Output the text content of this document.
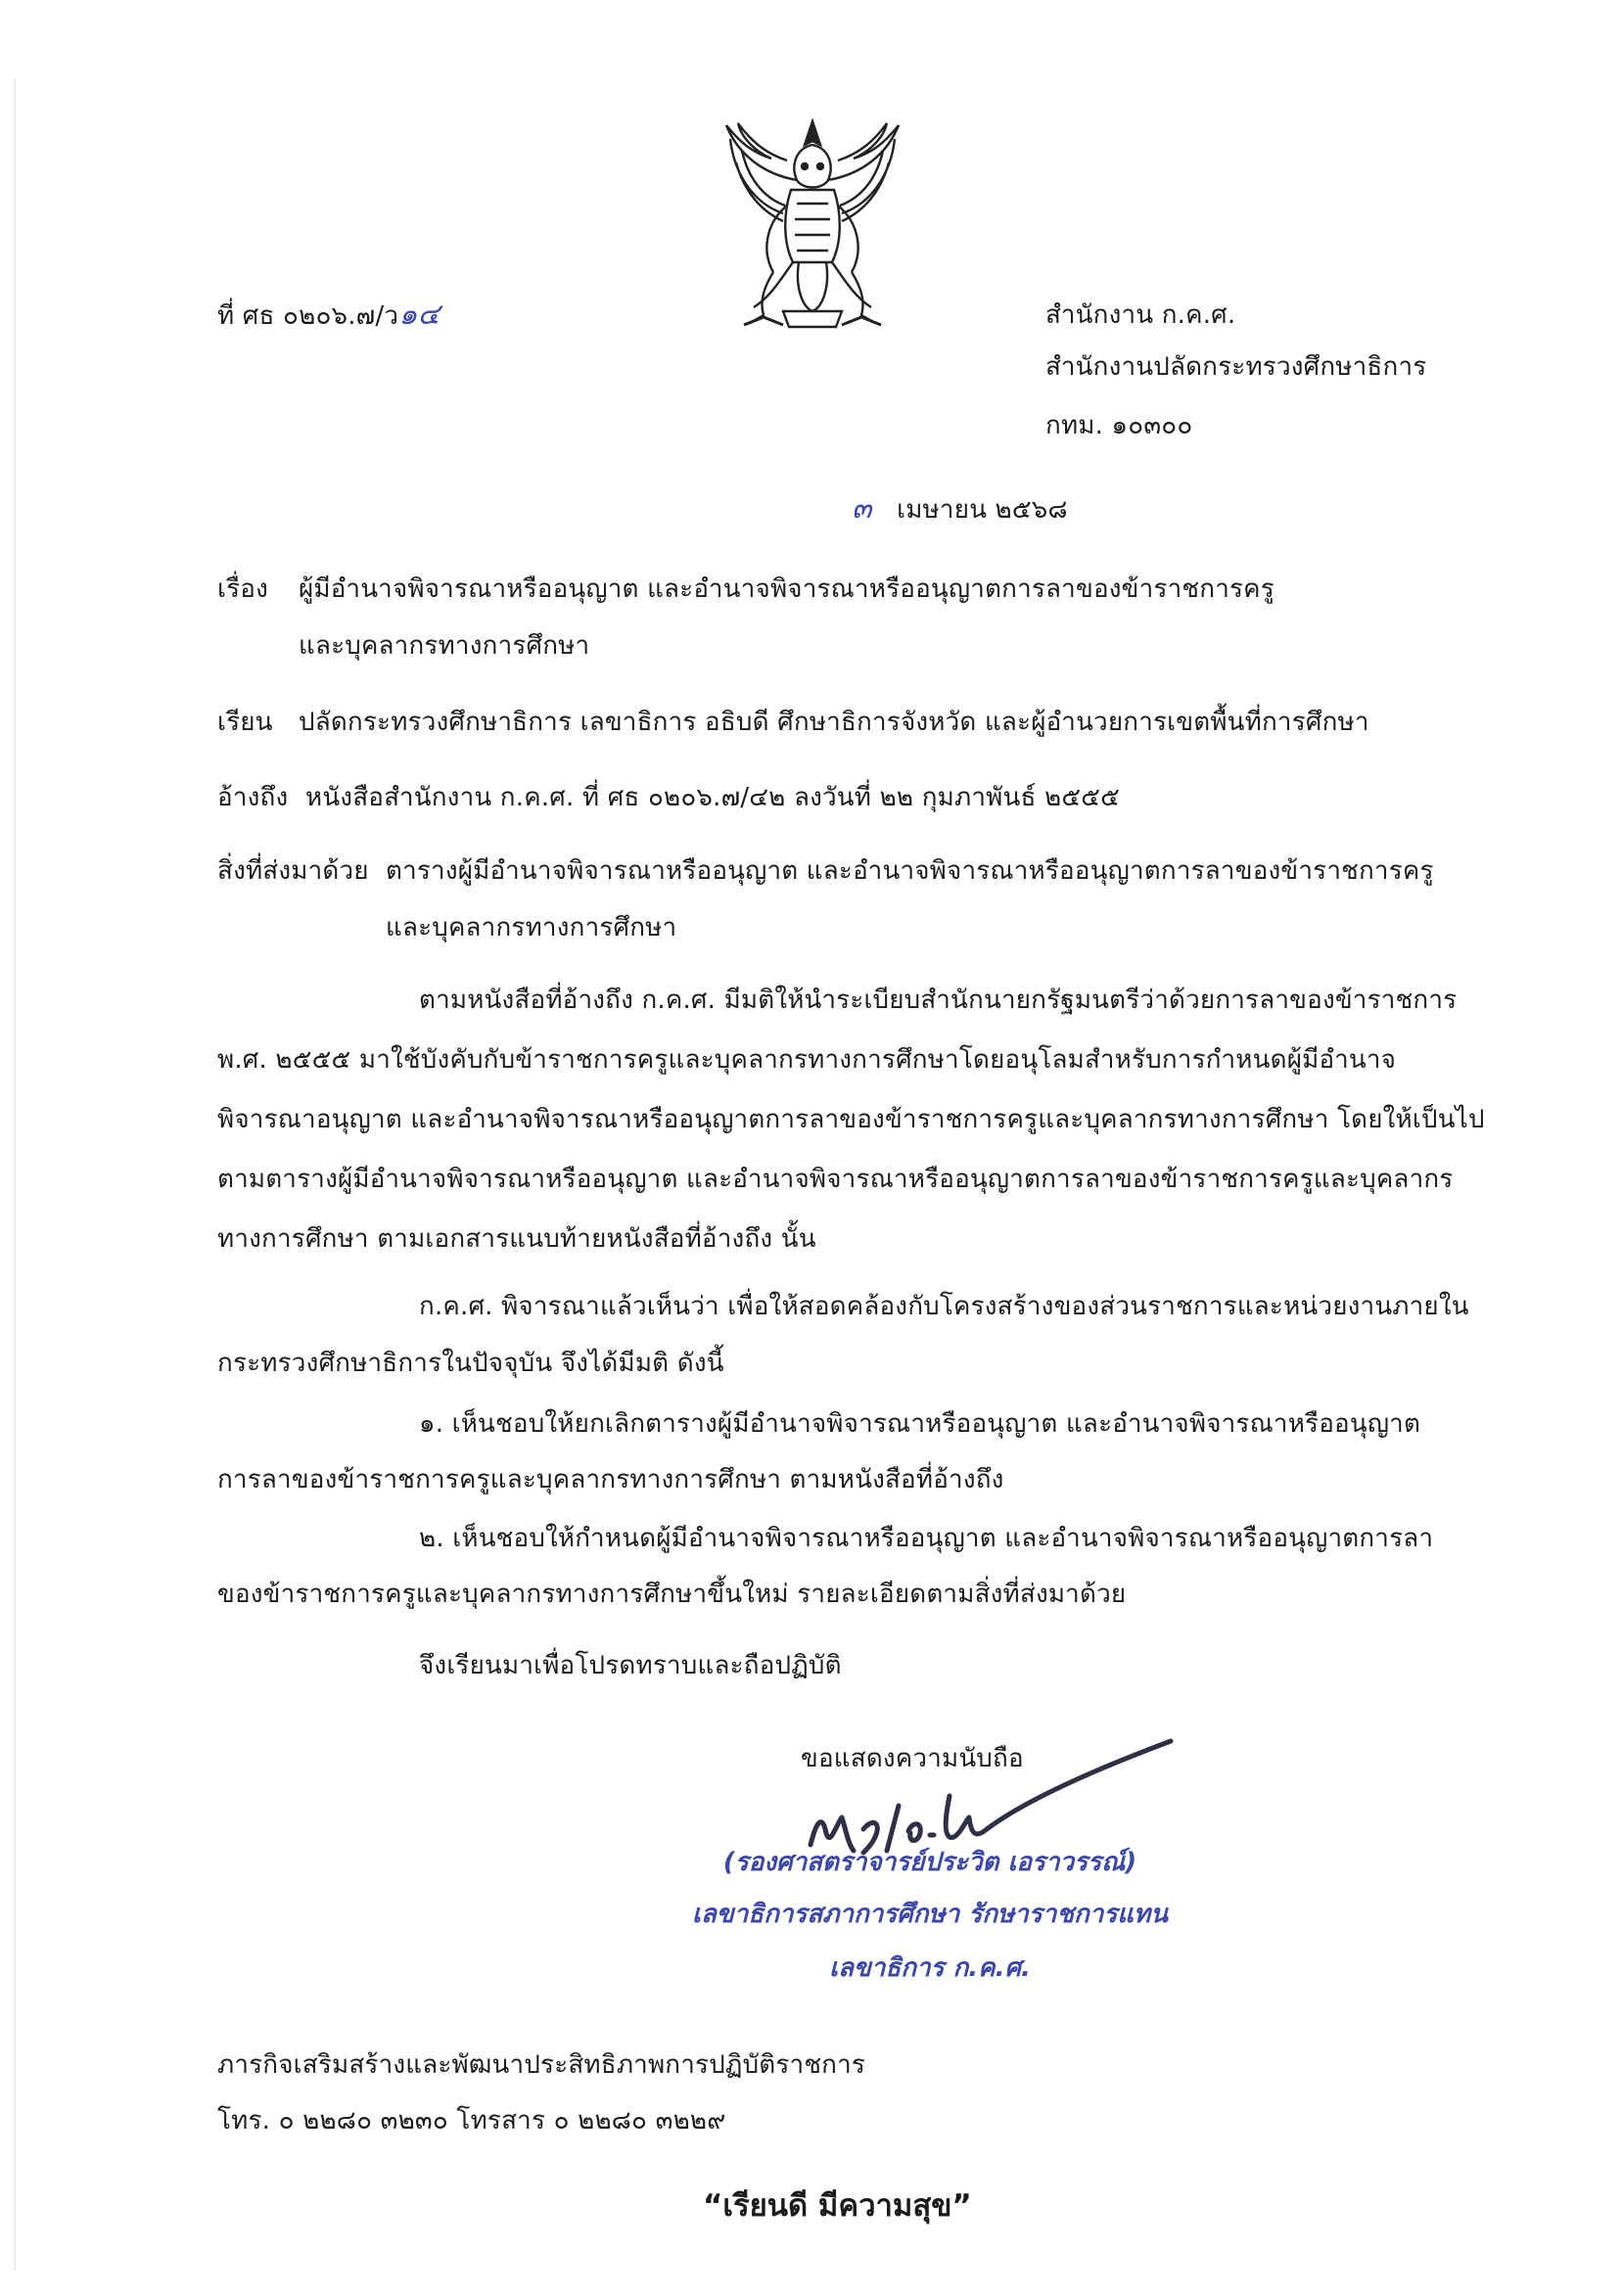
ที่ ศธ ๐๒๐๖.๗/ว๑๔	สำนักงาน ก.ค.ศ.
สำนักงานปลัดกระทรวงศึกษาธิการ
กทม. ๑๐๓๐๐
๓ เมษายน ๒๕๖๘
เรื่อง ผู้มีอำนาจพิจารณาหรืออนุญาต และอำนาจพิจารณาหรืออนุญาตการลาของข้าราชการครู
และบุคลากรทางการศึกษา
เรียน ปลัดกระทรวงศึกษาธิการ เลขาธิการ อธิบดี ศึกษาธิการจังหวัด และผู้อำนวยการเขตพื้นที่การศึกษา
อ้างถึง หนังสือสำนักงาน ก.ค.ศ. ที่ ศธ ๐๒๐๖.๗/๔๒ ลงวันที่ ๒๒ กุมภาพันธ์ ๒๕๕๕
สิ่งที่ส่งมาด้วย ตารางผู้มีอำนาจพิจารณาหรืออนุญาต และอำนาจพิจารณาหรืออนุญาตการลาของข้าราชการครู
และบุคลากรทางการศึกษา
ตามหนังสือที่อ้างถึง ก.ค.ศ. มีมติให้นำระเบียบสำนักนายกรัฐมนตรีว่าด้วยการลาของข้าราชการ
พ.ศ. ๒๕๕๕ มาใช้บังคับกับข้าราชการครูและบุคลากรทางการศึกษาโดยอนุโลมสำหรับการกำหนดผู้มีอำนาจ
พิจารณาอนุญาต และอำนาจพิจารณาหรืออนุญาตการลาของข้าราชการครูและบุคลากรทางการศึกษา โดยให้เป็นไป
ตามตารางผู้มีอำนาจพิจารณาหรืออนุญาต และอำนาจพิจารณาหรืออนุญาตการลาของข้าราชการครูและบุคลากร
ทางการศึกษา ตามเอกสารแนบท้ายหนังสือที่อ้างถึง นั้น
ก.ค.ศ. พิจารณาแล้วเห็นว่า เพื่อให้สอดคล้องกับโครงสร้างของส่วนราชการและหน่วยงานภายใน
กระทรวงศึกษาธิการในปัจจุบัน จึงได้มีมติ ดังนี้
๑. เห็นชอบให้ยกเลิกตารางผู้มีอำนาจพิจารณาหรืออนุญาต และอำนาจพิจารณาหรืออนุญาต
การลาของข้าราชการครูและบุคลากรทางการศึกษา ตามหนังสือที่อ้างถึง
๒. เห็นชอบให้กำหนดผู้มีอำนาจพิจารณาหรืออนุญาต และอำนาจพิจารณาหรืออนุญาตการลา
ของข้าราชการครูและบุคลากรทางการศึกษาขึ้นใหม่ รายละเอียดตามสิ่งที่ส่งมาด้วย
จึงเรียนมาเพื่อโปรดทราบและถือปฏิบัติ
ขอแสดงความนับถือ
(รองศาสตราจารย์ประวิต เอราวรรณ์)
เลขาธิการสภาการศึกษา รักษาราชการแทน
เลขาธิการ ก.ค.ศ.
ภารกิจเสริมสร้างและพัฒนาประสิทธิภาพการปฏิบัติราชการ
โทร. ๐ ๒๒๘๐ ๓๒๓๐ โทรสาร ๐ ๒๒๘๐ ๓๒๒๙
“เรียนดี มีความสุข”
